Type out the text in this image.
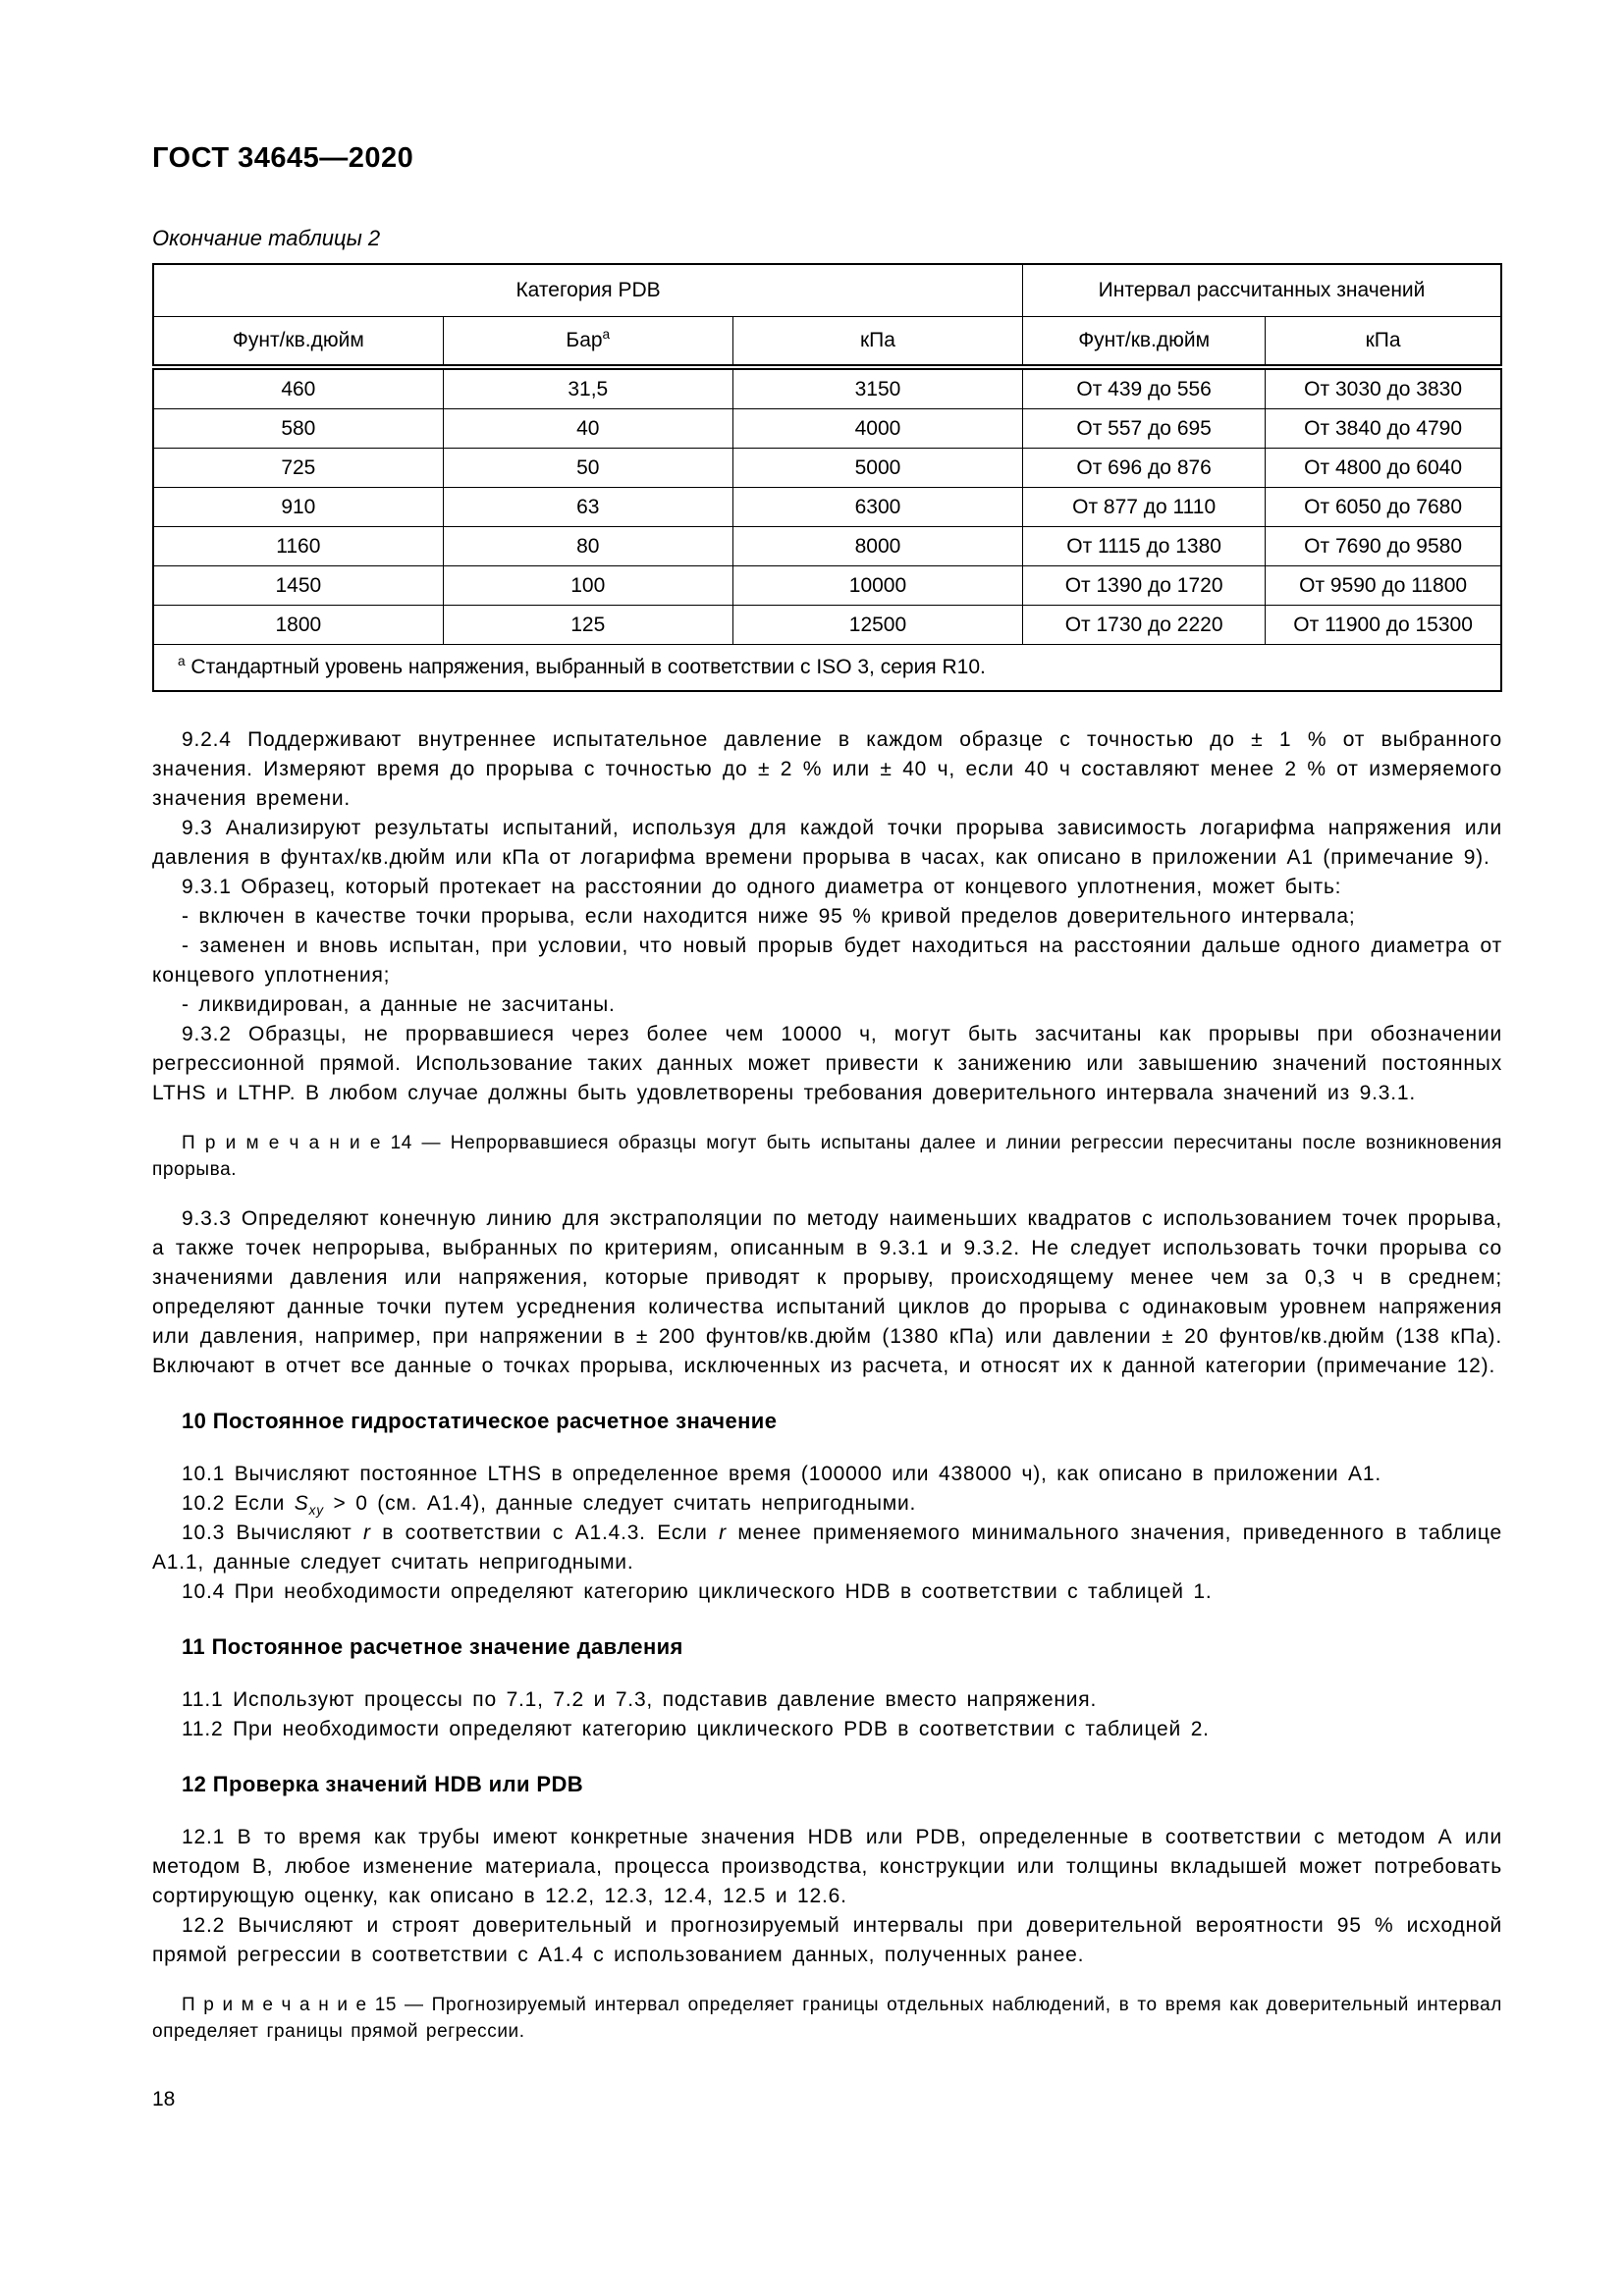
ГОСТ 34645—2020
Окончание таблицы 2
Категория PDB			Интервал рассчитанных значений	
Фунт/кв.дюйм	Бар$^a$	кПа	Фунт/кв.дюйм	кПа
460	31,5	3150	От 439 до 556	От 3030 до 3830
580	40	4000	От 557 до 695	От 3840 до 4790
725	50	5000	От 696 до 876	От 4800 до 6040
910	63	6300	От 877 до 1110	От 6050 до 7680
1160	80	8000	От 1115 до 1380	От 7690 до 9580
1450	100	10000	От 1390 до 1720	От 9590 до 11800
1800	125	12500	От 1730 до 2220	От 11900 до 15300
$^a$ Стандартный уровень напряжения, выбранный в соответствии с ISO 3, серия R10.				

9.2.4 Поддерживают внутреннее испытательное давление в каждом образце с точностью до ± 1 % от выбранного значения. Измеряют время до прорыва с точностью до ± 2 % или ± 40 ч, если 40 ч составляют менее 2 % от измеряемого значения времени.

9.3 Анализируют результаты испытаний, используя для каждой точки прорыва зависимость логарифма напряжения или давления в фунтах/кв.дюйм или кПа от логарифма времени прорыва в часах, как описано в приложении А1 (примечание 9).

9.3.1 Образец, который протекает на расстоянии до одного диаметра от концевого уплотнения, может быть:

- включен в качестве точки прорыва, если находится ниже 95 % кривой пределов доверительного интервала;

- заменен и вновь испытан, при условии, что новый прорыв будет находиться на расстоянии дальше одного диаметра от концевого уплотнения;

- ликвидирован, а данные не засчитаны.

9.3.2 Образцы, не прорвавшиеся через более чем 10000 ч, могут быть засчитаны как прорывы при обозначении регрессионной прямой. Использование таких данных может привести к занижению или завышению значений постоянных LTHS и LTHP. В любом случае должны быть удовлетворены требования доверительного интервала значений из 9.3.1.

П р и м е ч а н и е 14 — Непрорвавшиеся образцы могут быть испытаны далее и линии регрессии пересчитаны после возникновения прорыва.

9.3.3 Определяют конечную линию для экстраполяции по методу наименьших квадратов с использованием точек прорыва, а также точек непрорыва, выбранных по критериям, описанным в 9.3.1 и 9.3.2. Не следует использовать точки прорыва со значениями давления или напряжения, которые приводят к прорыву, происходящему менее чем за 0,3 ч в среднем; определяют данные точки путем усреднения количества испытаний циклов до прорыва с одинаковым уровнем напряжения или давления, например, при напряжении в ± 200 фунтов/кв.дюйм (1380 кПа) или давлении ± 20 фунтов/кв.дюйм (138 кПа). Включают в отчет все данные о точках прорыва, исключенных из расчета, и относят их к данной категории (примечание 12).

10 Постоянное гидростатическое расчетное значение

10.1 Вычисляют постоянное LTHS в определенное время (100000 или 438000 ч), как описано в приложении А1.

10.2 Если $S_{xy} > 0$ (см. А1.4), данные следует считать непригодными.

10.3 Вычисляют r в соответствии с А1.4.3. Если r менее применяемого минимального значения, приведенного в таблице А1.1, данные следует считать непригодными.

10.4 При необходимости определяют категорию циклического HDB в соответствии с таблицей 1.

11 Постоянное расчетное значение давления

11.1 Используют процессы по 7.1, 7.2 и 7.3, подставив давление вместо напряжения.

11.2 При необходимости определяют категорию циклического PDB в соответствии с таблицей 2.

12 Проверка значений HDB или PDB

12.1 В то время как трубы имеют конкретные значения HDB или PDB, определенные в соответствии с методом А или методом В, любое изменение материала, процесса производства, конструкции или толщины вкладышей может потребовать сортирующую оценку, как описано в 12.2, 12.3, 12.4, 12.5 и 12.6.

12.2 Вычисляют и строят доверительный и прогнозируемый интервалы при доверительной вероятности 95 % исходной прямой регрессии в соответствии с А1.4 с использованием данных, полученных ранее.

П р и м е ч а н и е 15 — Прогнозируемый интервал определяет границы отдельных наблюдений, в то время как доверительный интервал определяет границы прямой регрессии.

18
